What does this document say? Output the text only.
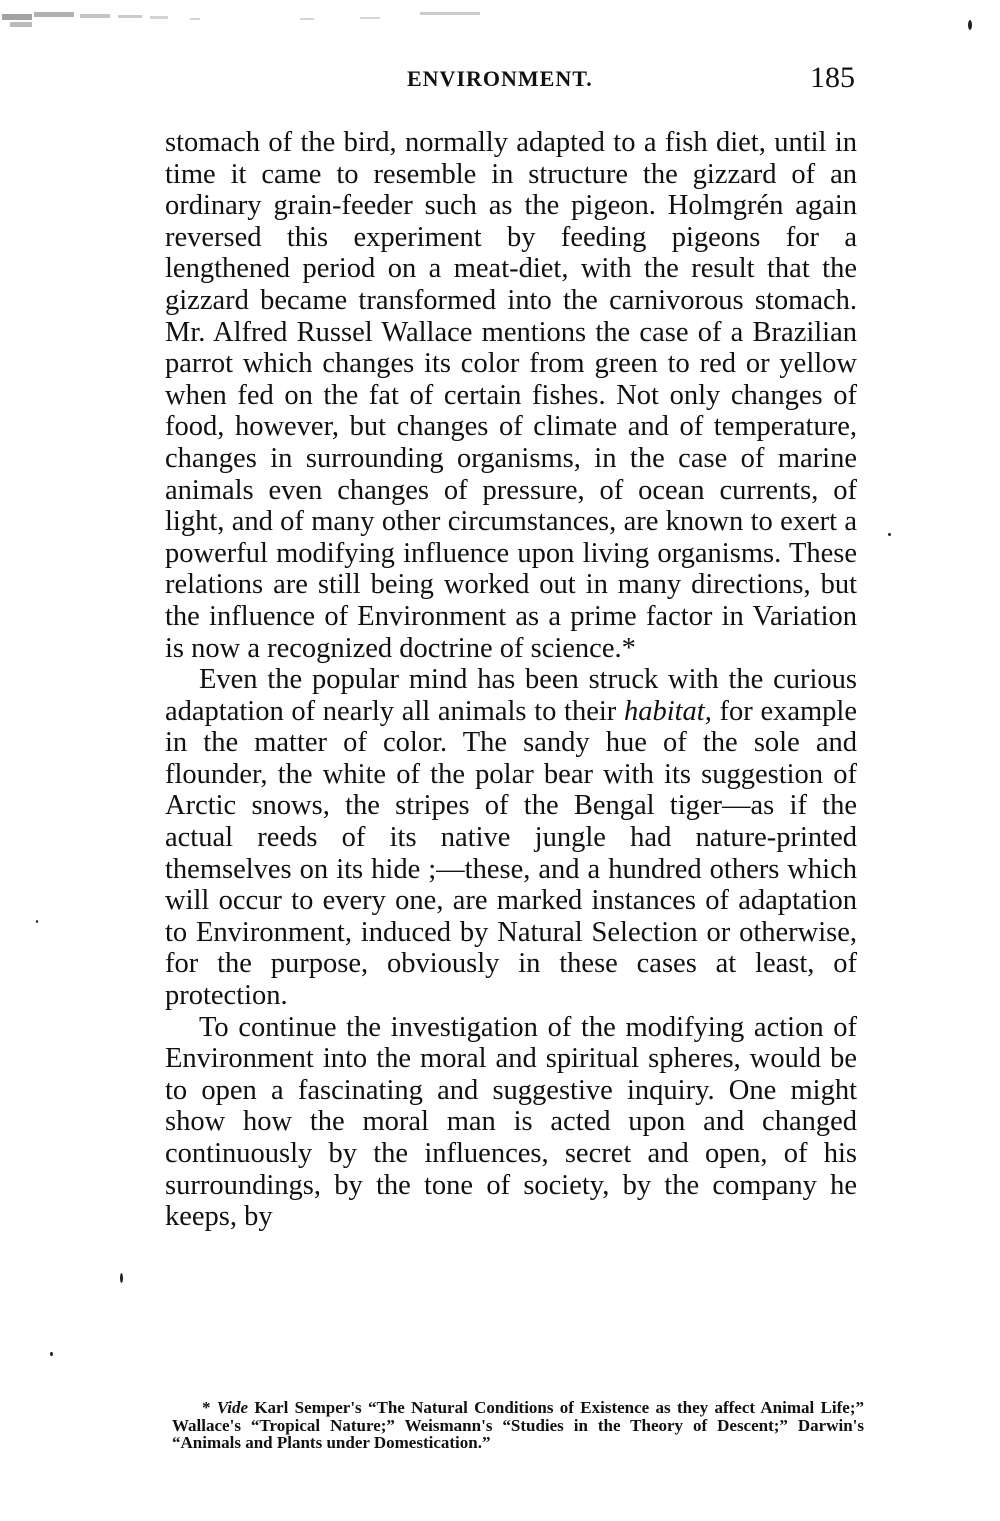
ENVIRONMENT.	185

stomach of the bird, normally adapted to a fish diet, until in time it came to resemble in structure the gizzard of an ordinary grain-feeder such as the pigeon. Holmgrén again reversed this experiment by feeding pigeons for a lengthened period on a meat-diet, with the result that the gizzard became transformed into the carnivorous stomach. Mr. Alfred Russel Wallace mentions the case of a Brazilian parrot which changes its color from green to red or yellow when fed on the fat of certain fishes. Not only changes of food, however, but changes of climate and of temperature, changes in surrounding organisms, in the case of marine animals even changes of pressure, of ocean currents, of light, and of many other circumstances, are known to exert a powerful modifying influence upon living organisms. These relations are still being worked out in many directions, but the influence of Environment as a prime factor in Variation is now a recognized doctrine of science.*

Even the popular mind has been struck with the curious adaptation of nearly all animals to their habitat, for example in the matter of color. The sandy hue of the sole and flounder, the white of the polar bear with its suggestion of Arctic snows, the stripes of the Bengal tiger—as if the actual reeds of its native jungle had nature-printed themselves on its hide ;—these, and a hundred others which will occur to every one, are marked instances of adaptation to Environment, induced by Natural Selection or otherwise, for the purpose, obviously in these cases at least, of protection.

To continue the investigation of the modifying action of Environment into the moral and spiritual spheres, would be to open a fascinating and suggestive inquiry. One might show how the moral man is acted upon and changed continuously by the influences, secret and open, of his surroundings, by the tone of society, by the company he keeps, by

* Vide Karl Semper's “The Natural Conditions of Existence as they affect Animal Life;” Wallace's “Tropical Nature;” Weismann's “Studies in the Theory of Descent;” Darwin's “Animals and Plants under Domestication.”
